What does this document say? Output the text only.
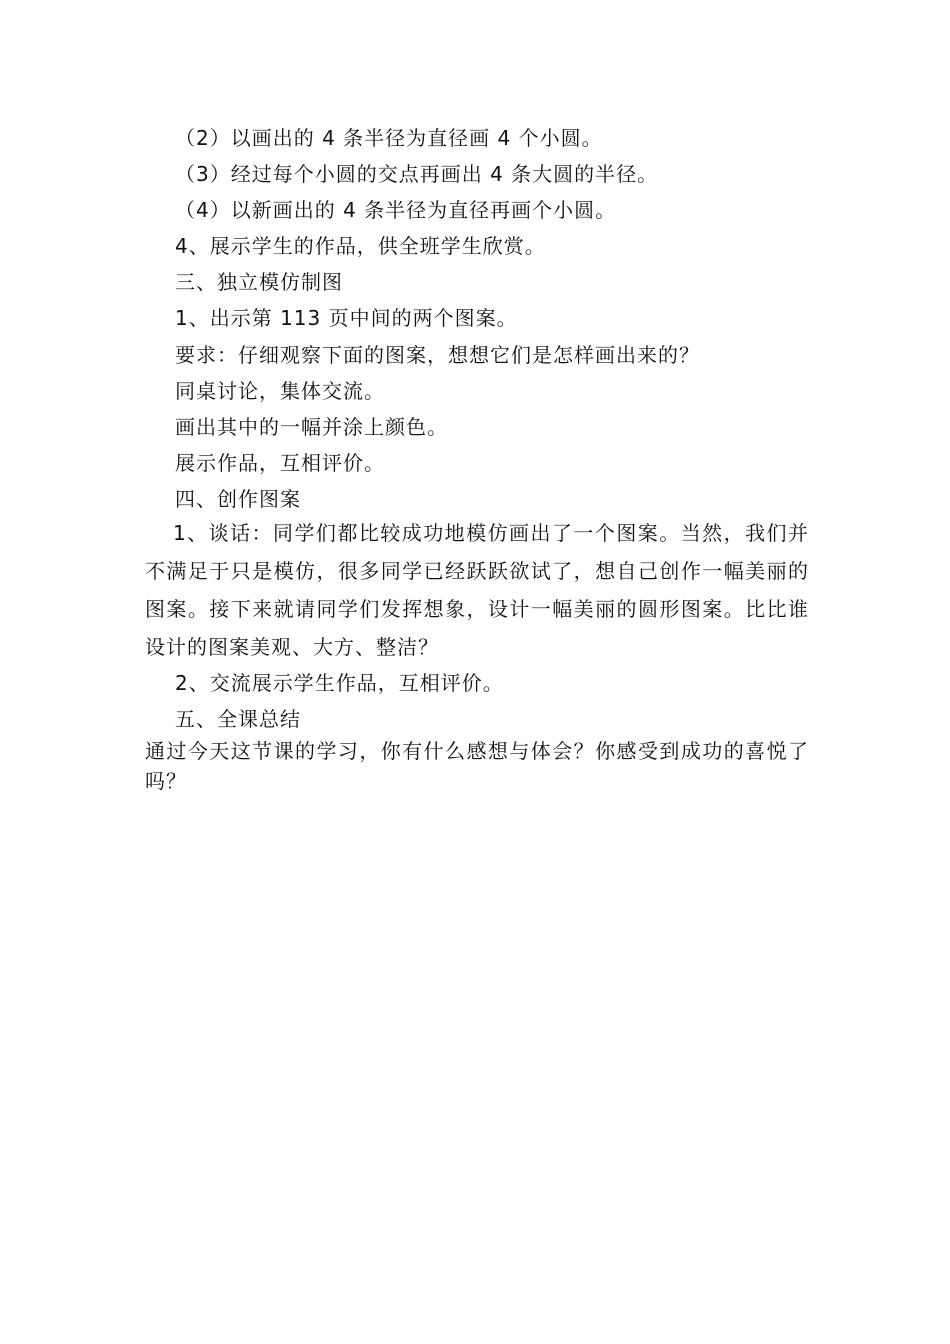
（2）以画出的 4 条半径为直径画 4 个小圆。
（3）经过每个小圆的交点再画出 4 条大圆的半径。
（4）以新画出的 4 条半径为直径再画个小圆。
4、展示学生的作品，供全班学生欣赏。
三、独立模仿制图
1、出示第 113 页中间的两个图案。
要求：仔细观察下面的图案，想想它们是怎样画出来的？
同桌讨论，集体交流。
画出其中的一幅并涂上颜色。
展示作品，互相评价。
四、创作图案
1、谈话：同学们都比较成功地模仿画出了一个图案。当然，我们并不满足于只是模仿，很多同学已经跃跃欲试了，想自己创作一幅美丽的图案。接下来就请同学们发挥想象，设计一幅美丽的圆形图案。比比谁设计的图案美观、大方、整洁？
2、交流展示学生作品，互相评价。
五、全课总结
通过今天这节课的学习，你有什么感想与体会？你感受到成功的喜悦了吗？
